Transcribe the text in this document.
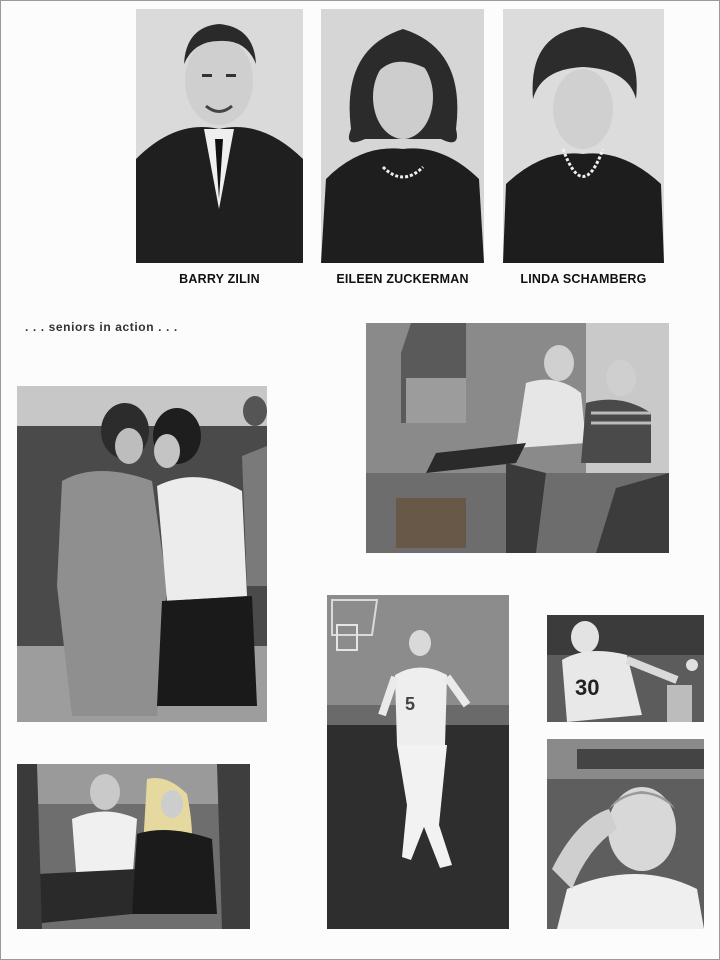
BARRY ZILIN	EILEEN ZUCKERMAN	LINDA SCHAMBERG
. . . seniors in action . . .
5
30
